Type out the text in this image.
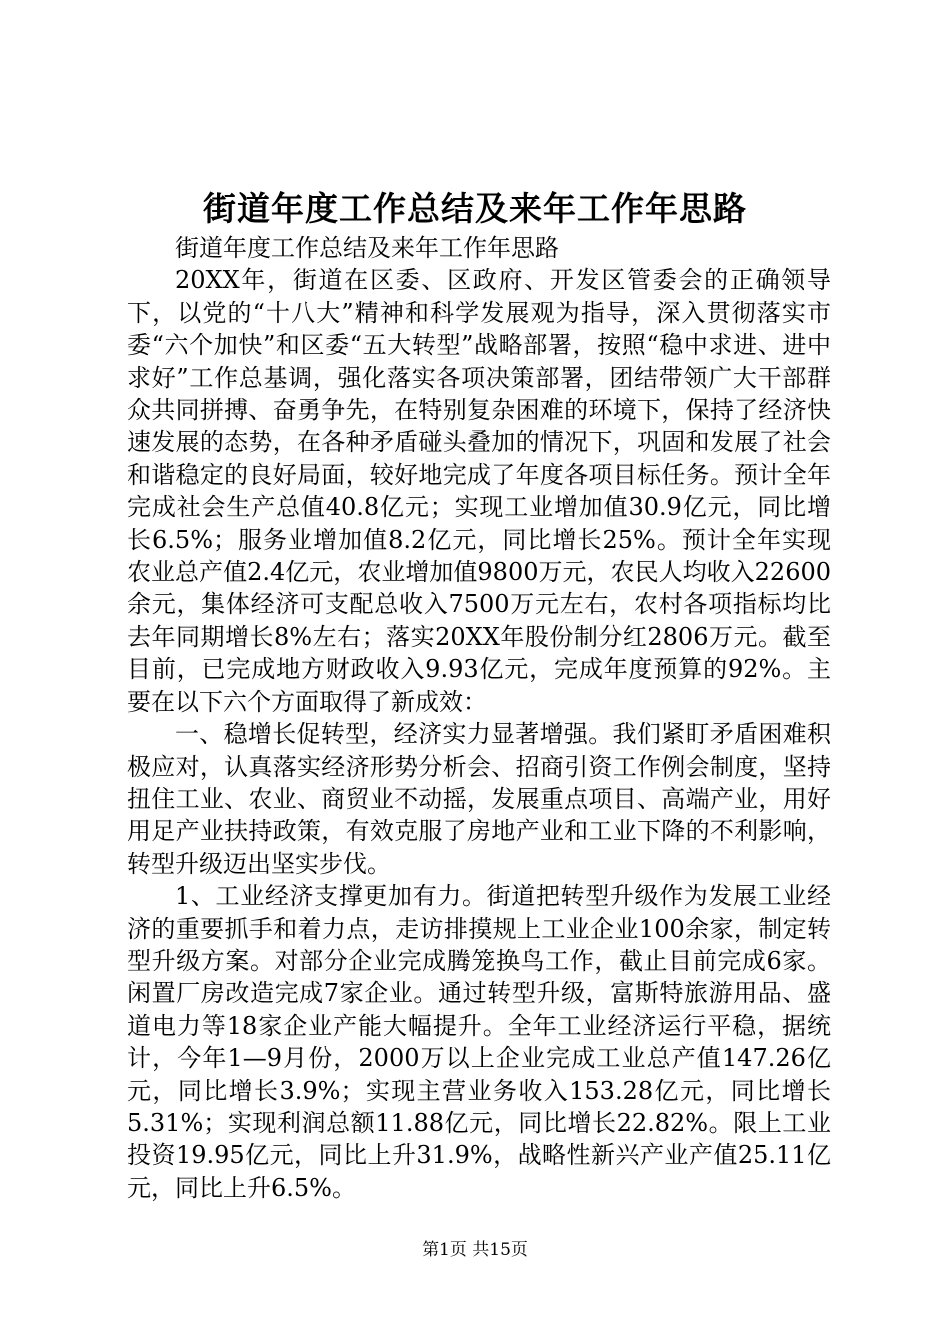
街道年度工作总结及来年工作年思路

街道年度工作总结及来年工作年思路

20XX年，街道在区委、区政府、开发区管委会的正确领导下，以党的“十八大”精神和科学发展观为指导，深入贯彻落实市委“六个加快”和区委“五大转型”战略部署，按照“稳中求进、进中求好”工作总基调，强化落实各项决策部署，团结带领广大干部群众共同拼搏、奋勇争先，在特别复杂困难的环境下，保持了经济快速发展的态势，在各种矛盾碰头叠加的情况下，巩固和发展了社会和谐稳定的良好局面，较好地完成了年度各项目标任务。预计全年完成社会生产总值40.8亿元；实现工业增加值30.9亿元，同比增长6.5%；服务业增加值8.2亿元，同比增长25%。预计全年实现农业总产值2.4亿元，农业增加值9800万元，农民人均收入22600余元，集体经济可支配总收入7500万元左右，农村各项指标均比去年同期增长8%左右；落实20XX年股份制分红2806万元。截至目前，已完成地方财政收入9.93亿元，完成年度预算的92%。主要在以下六个方面取得了新成效：

一、稳增长促转型，经济实力显著增强。我们紧盯矛盾困难积极应对，认真落实经济形势分析会、招商引资工作例会制度，坚持扭住工业、农业、商贸业不动摇，发展重点项目、高端产业，用好用足产业扶持政策，有效克服了房地产业和工业下降的不利影响，转型升级迈出坚实步伐。

1、工业经济支撑更加有力。街道把转型升级作为发展工业经济的重要抓手和着力点，走访排摸规上工业企业100余家，制定转型升级方案。对部分企业完成腾笼换鸟工作，截止目前完成6家。闲置厂房改造完成7家企业。通过转型升级，富斯特旅游用品、盛道电力等18家企业产能大幅提升。全年工业经济运行平稳，据统计，今年1—9月份，2000万以上企业完成工业总产值147.26亿元，同比增长3.9%；实现主营业务收入153.28亿元，同比增长5.31%；实现利润总额11.88亿元，同比增长22.82%。限上工业投资19.95亿元，同比上升31.9%，战略性新兴产业产值25.11亿元，同比上升6.5%。

第1页 共15页
